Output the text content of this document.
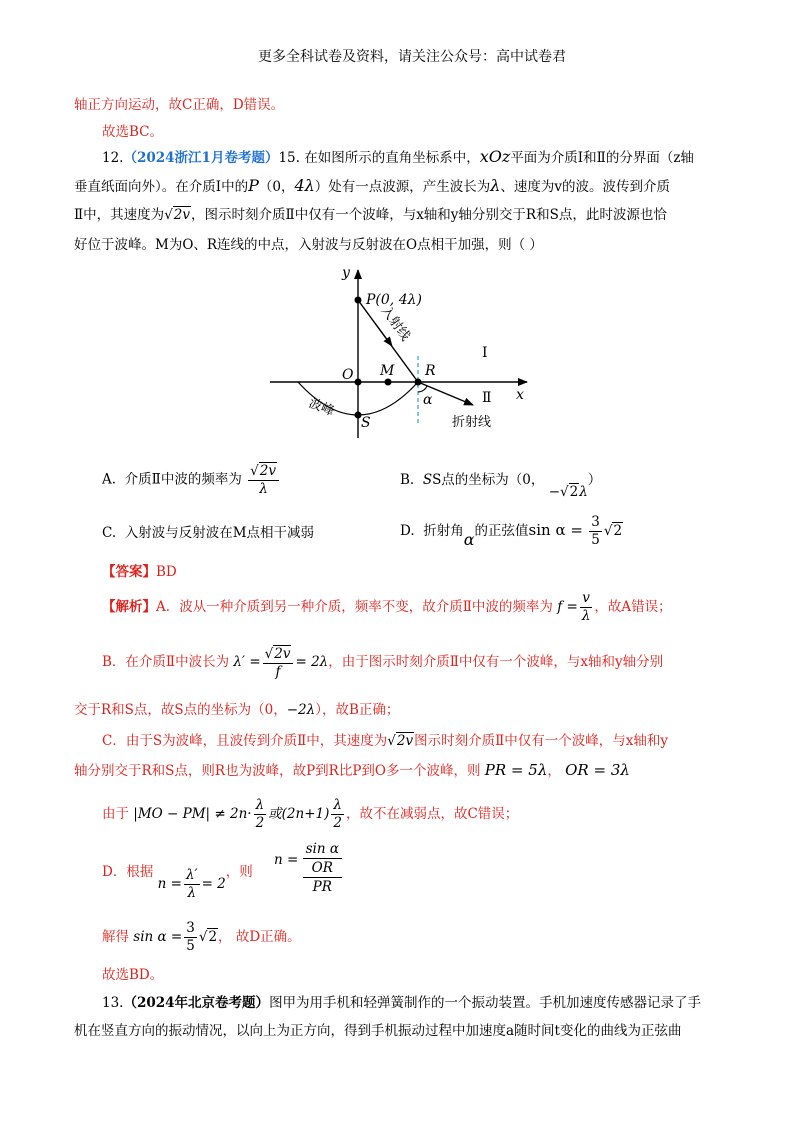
更多全科试卷及资料，请关注公众号：高中试卷君
轴正方向运动，故C正确，D错误。
故选BC。
12.（2024浙江1月卷考题）15. 在如图所示的直角坐标系中，xOz平面为介质Ⅰ和Ⅱ的分界面（z轴
垂直纸面向外）。在介质Ⅰ中的P（0，4λ）处有一点波源，产生波长为λ、速度为v的波。波传到介质
Ⅱ中，其速度为√2v，图示时刻介质Ⅱ中仅有一个波峰，与x轴和y轴分别交于R和S点，此时波源也恰
好位于波峰。M为O、R连线的中点，入射波与反射波在O点相干加强，则（ ）
y
x
P(0, 4λ)
入射线
O M R
Ⅰ
Ⅱ
α
波峰
S	折射线
A. 介质Ⅱ中波的频率为 $\frac{√2v}{\lambda}$	B. SS点的坐标为（0， −√2λ）
C. 入射波与反射波在M点相干减弱	D. 折射角α的正弦值$\sin \alpha = \frac{3}{5} √2$
【答案】BD
【解析】A．波从一种介质到另一种介质，频率不变，故介质Ⅱ中波的频率为 $f = \frac{v}{\lambda}$ ，故A错误；
B．在介质Ⅱ中波长为 $\lambda' = \frac{√2v}{f} = 2\lambda$，由于图示时刻介质Ⅱ中仅有一个波峰，与x轴和y轴分别
交于R和S点，故S点的坐标为（0，−2λ），故B正确；
C．由于S为波峰，且波传到介质Ⅱ中，其速度为√2v图示时刻介质Ⅱ中仅有一个波峰，与x轴和y
轴分别交于R和S点，则R也为波峰，故P到R比P到O多一个波峰，则 PR = 5λ， OR = 3λ
由于 $|MO - PM| \ne 2n\cdot \frac{\lambda}{2}$ 或$(2n+1) \frac{\lambda}{2}$ ，故不在减弱点，故C错误；
D．根据 $n = \frac{\lambda'}{\lambda} = 2$，则
n =
sin α
OR
PR
解得 $\sin \alpha = \frac{3}{5} √2$， 故D正确。
故选BD。
13.（2024年北京卷考题）图甲为用手机和轻弹簧制作的一个振动装置。手机加速度传感器记录了手
机在竖直方向的振动情况，以向上为正方向，得到手机振动过程中加速度a随时间t变化的曲线为正弦曲
